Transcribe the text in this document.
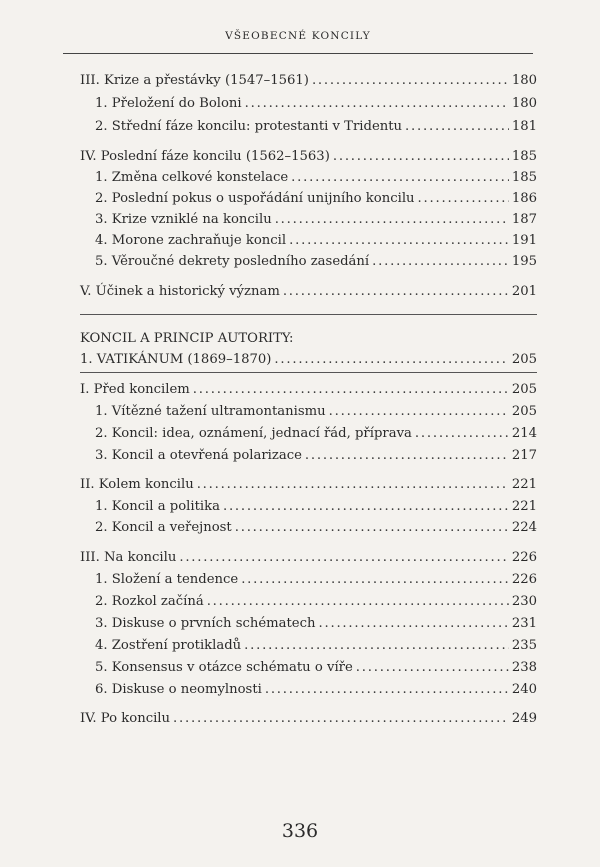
VŠEOBECNÉ KONCILY
III. Krize a přestávky (1547–1561) . . .	180
1. Přeložení do Boloni . . .	180
2. Střední fáze koncilu: protestanti v Tridentu . . .	181
IV. Poslední fáze koncilu (1562–1563) . . .	185
1. Změna celkové konstelace . . .	185
2. Poslední pokus o uspořádání unijního koncilu . . .	186
3. Krize vzniklé na koncilu . . .	187
4. Morone zachraňuje koncil . . .	191
5. Věroučné dekrety posledního zasedání . . .	195
V. Účinek a historický význam . . .	201
KONCIL A PRINCIP AUTORITY:
1. VATIKÁNUM (1869–1870) . . .	205
I. Před koncilem . . .	205
1. Vítězné tažení ultramontanismu . . .	205
2. Koncil: idea, oznámení, jednací řád, příprava . . .	214
3. Koncil a otevřená polarizace . . .	217
II. Kolem koncilu . . .	221
1. Koncil a politika . . .	221
2. Koncil a veřejnost . . .	224
III. Na koncilu . . .	226
1. Složení a tendence . . .	226
2. Rozkol začíná . . .	230
3. Diskuse o prvních schématech . . .	231
4. Zostření protikladů . . .	235
5. Konsensus v otázce schématu o víře . . .	238
6. Diskuse o neomylnosti . . .	240
IV. Po koncilu . . .	249
336
